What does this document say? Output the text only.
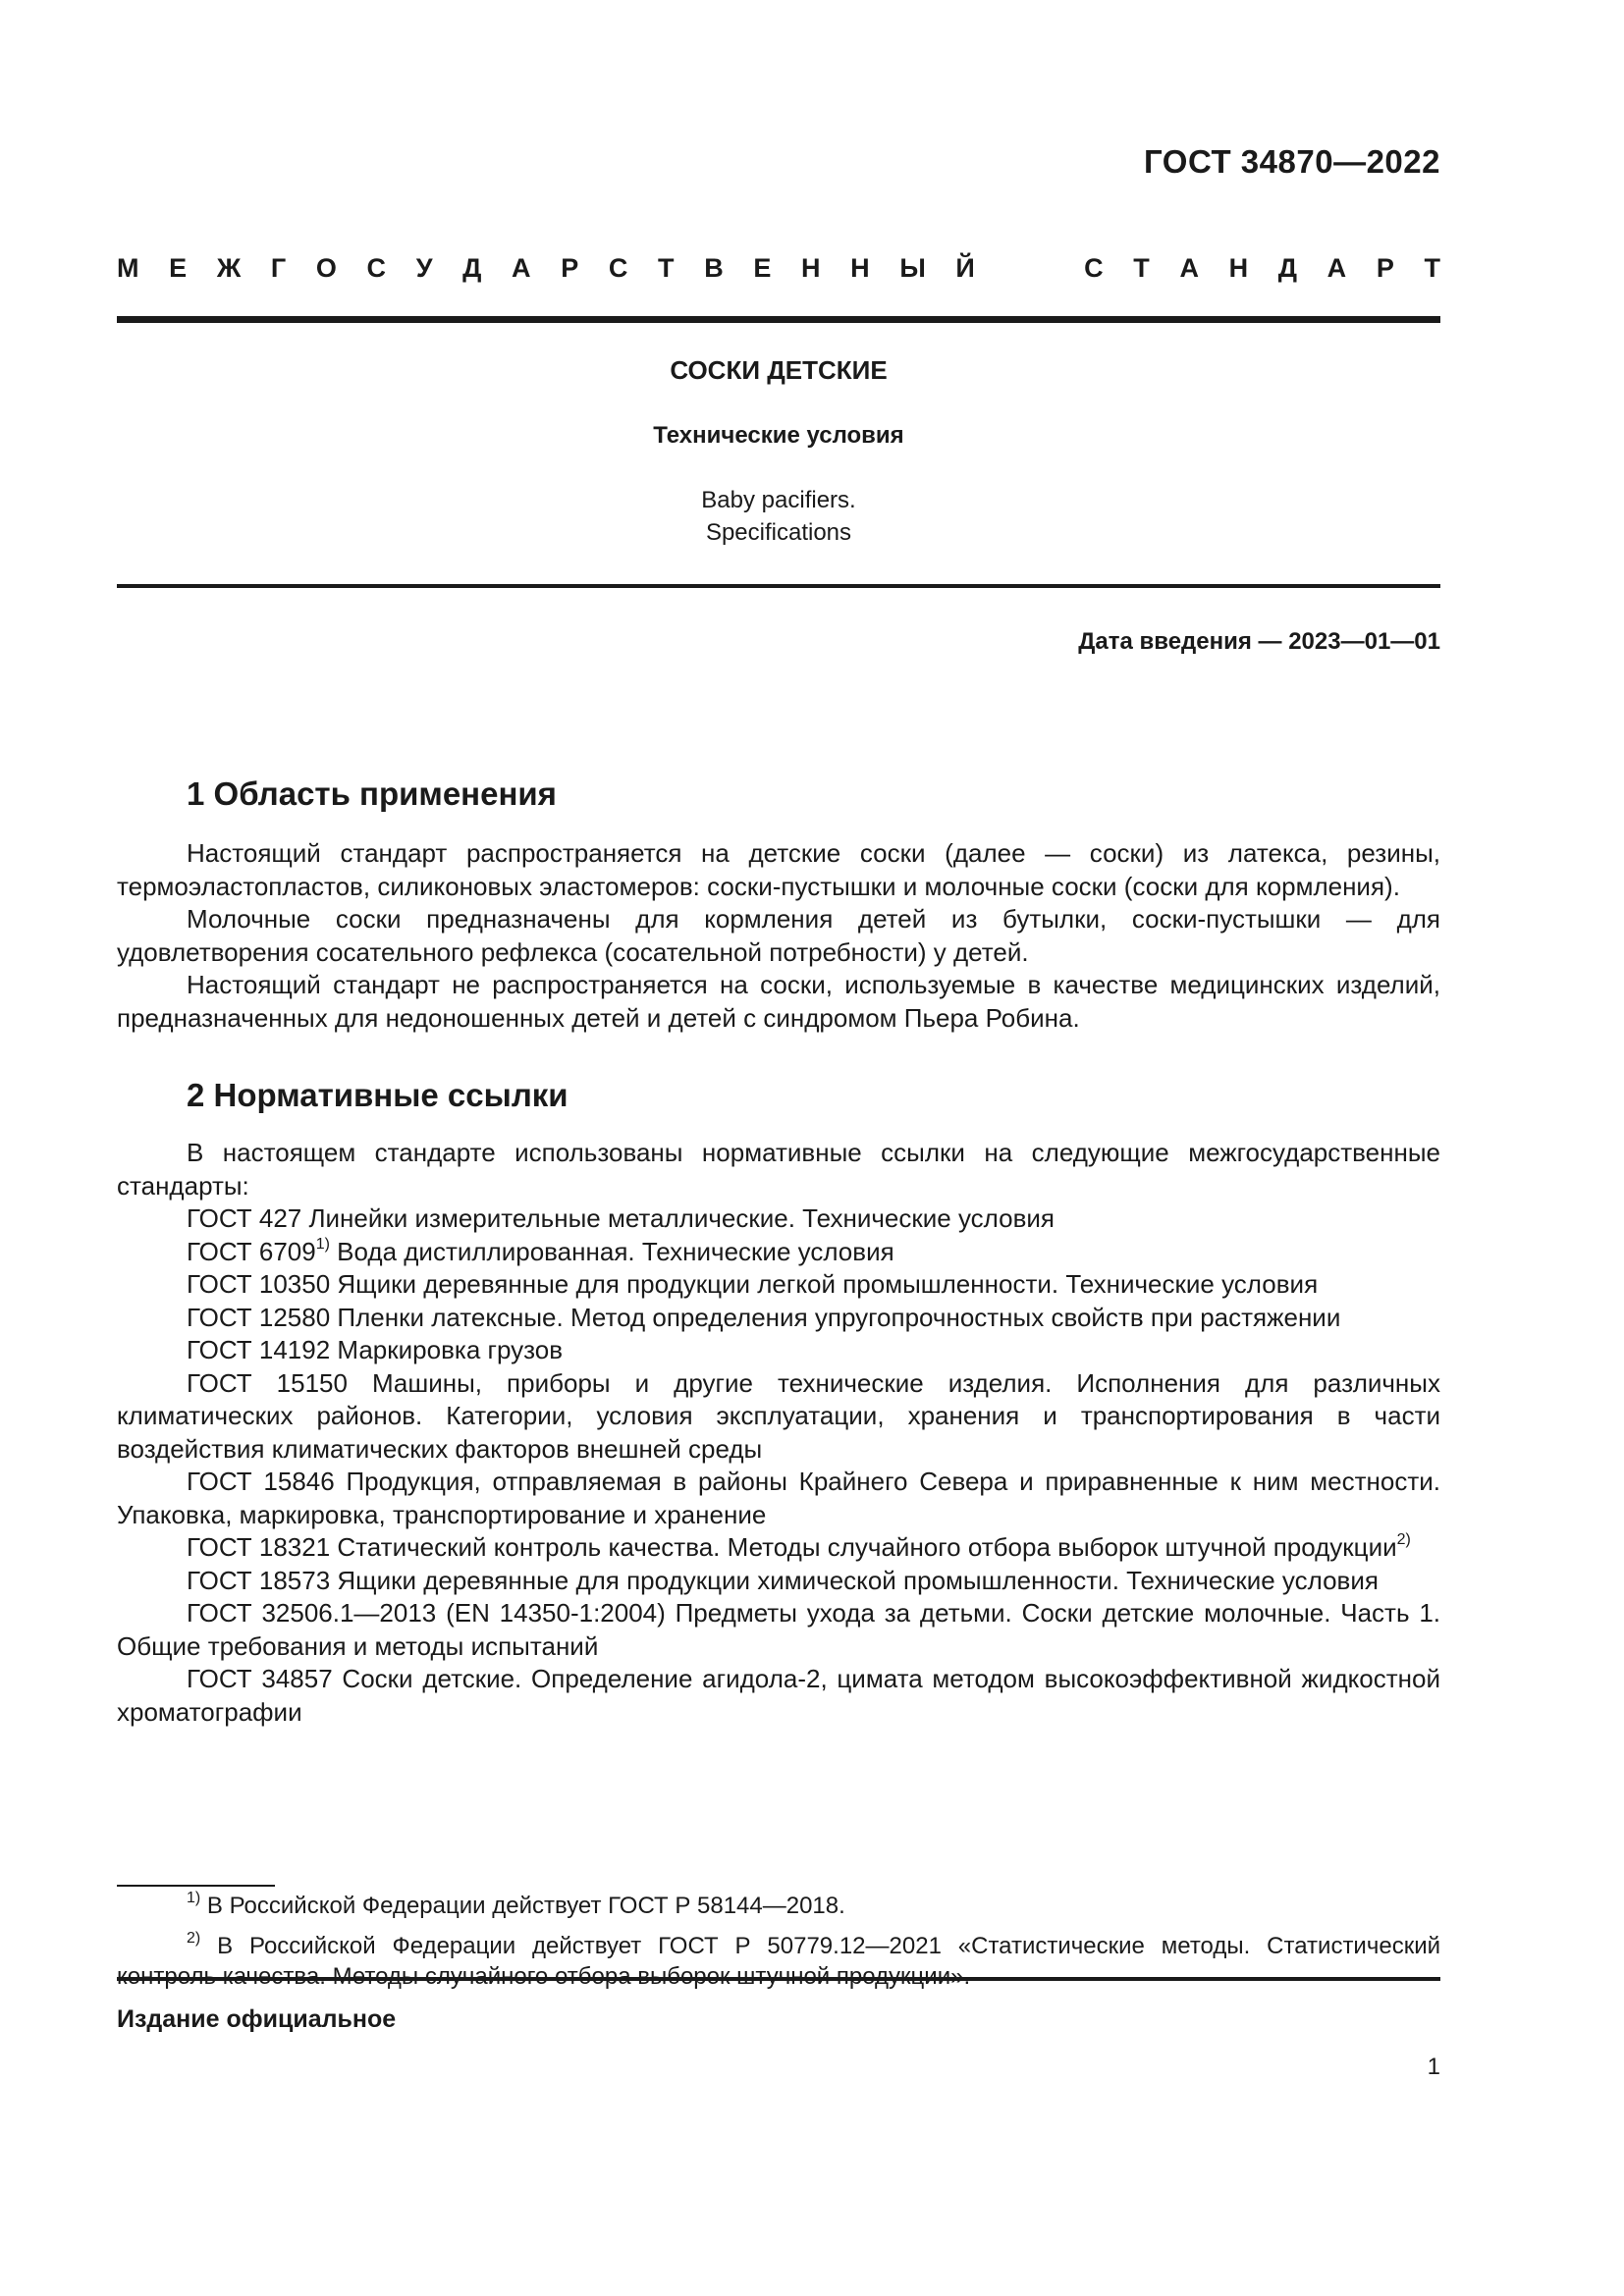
ГОСТ 34870—2022
М Е Ж Г О С У Д А Р С Т В Е Н Н Ы Й	С Т А Н Д А Р Т
СОСКИ ДЕТСКИЕ
Технические условия
Baby pacifiers.
Specifications
Дата введения — 2023—01—01
1 Область применения

Настоящий стандарт распространяется на детские соски (далее — соски) из латекса, резины, термоэластопластов, силиконовых эластомеров: соски-пустышки и молочные соски (соски для кормления).

Молочные соски предназначены для кормления детей из бутылки, соски-пустышки — для удовлетворения сосательного рефлекса (сосательной потребности) у детей.

Настоящий стандарт не распространяется на соски, используемые в качестве медицинских изделий, предназначенных для недоношенных детей и детей с синдромом Пьера Робина.

2 Нормативные ссылки

В настоящем стандарте использованы нормативные ссылки на следующие межгосударственные стандарты:

ГОСТ 427 Линейки измерительные металлические. Технические условия

ГОСТ 6709$^{1)}$ Вода дистиллированная. Технические условия

ГОСТ 10350 Ящики деревянные для продукции легкой промышленности. Технические условия

ГОСТ 12580 Пленки латексные. Метод определения упругопрочностных свойств при растяжении

ГОСТ 14192 Маркировка грузов

ГОСТ 15150 Машины, приборы и другие технические изделия. Исполнения для различных климатических районов. Категории, условия эксплуатации, хранения и транспортирования в части воздействия климатических факторов внешней среды

ГОСТ 15846 Продукция, отправляемая в районы Крайнего Севера и приравненные к ним местности. Упаковка, маркировка, транспортирование и хранение

ГОСТ 18321 Статический контроль качества. Методы случайного отбора выборок штучной продукции$^{2)}$

ГОСТ 18573 Ящики деревянные для продукции химической промышленности. Технические условия

ГОСТ 32506.1—2013 (EN 14350-1:2004) Предметы ухода за детьми. Соски детские молочные. Часть 1. Общие требования и методы испытаний

ГОСТ 34857 Соски детские. Определение агидола-2, цимата методом высокоэффективной жидкостной хроматографии

$^{1)}$ В Российской Федерации действует ГОСТ Р 58144—2018.

$^{2)}$ В Российской Федерации действует ГОСТ Р 50779.12—2021 «Статистические методы. Статистический

Издание официальное
1
